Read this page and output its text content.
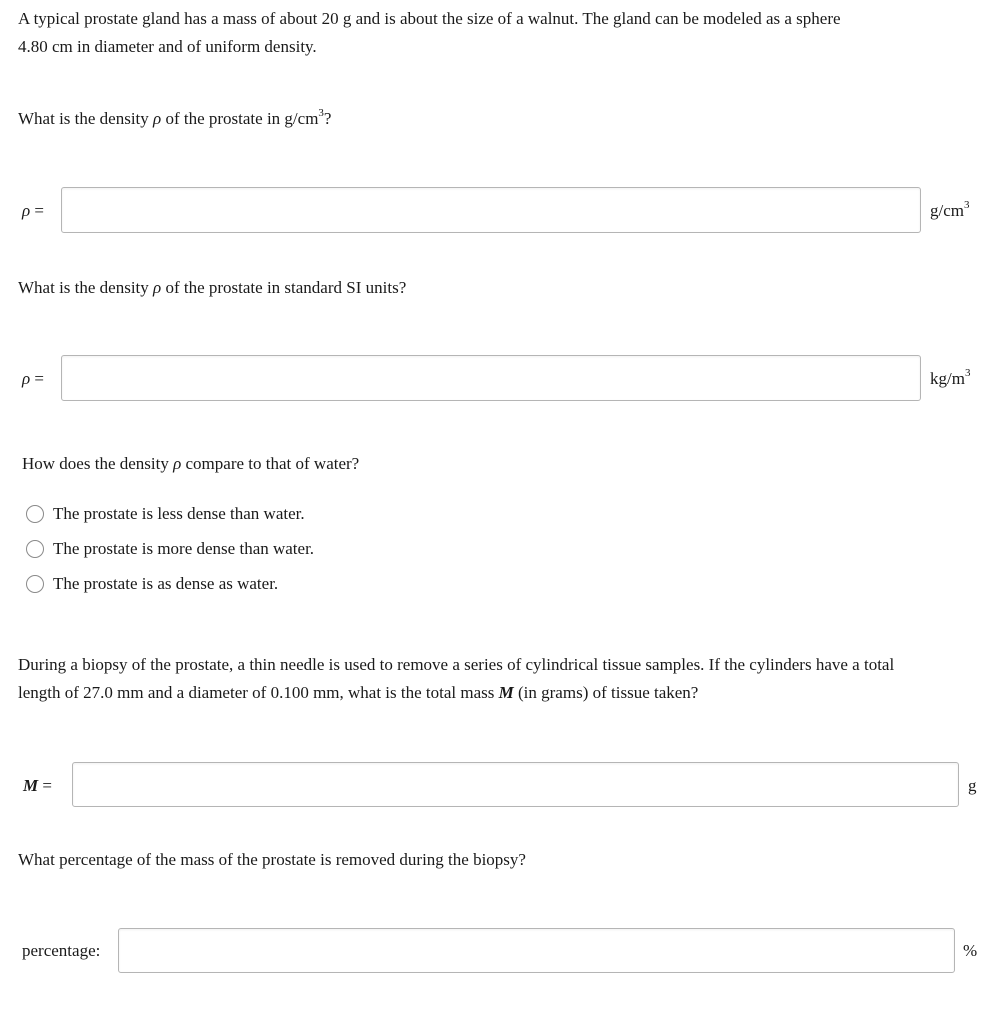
A typical prostate gland has a mass of about 20 g and is about the size of a walnut. The gland can be modeled as a sphere
4.80 cm in diameter and of uniform density.
What is the density ρ of the prostate in $g/cm^3$?
ρ =	$g/cm^3$
What is the density ρ of the prostate in standard SI units?
ρ =	$kg/m^3$
How does the density ρ compare to that of water?
The prostate is less dense than water.
The prostate is more dense than water.
The prostate is as dense as water.
During a biopsy of the prostate, a thin needle is used to remove a series of cylindrical tissue samples. If the cylinders have a total
length of 27.0 mm and a diameter of 0.100 mm, what is the total mass M (in grams) of tissue taken?
M =	g
What percentage of the mass of the prostate is removed during the biopsy?
percentage:	%
